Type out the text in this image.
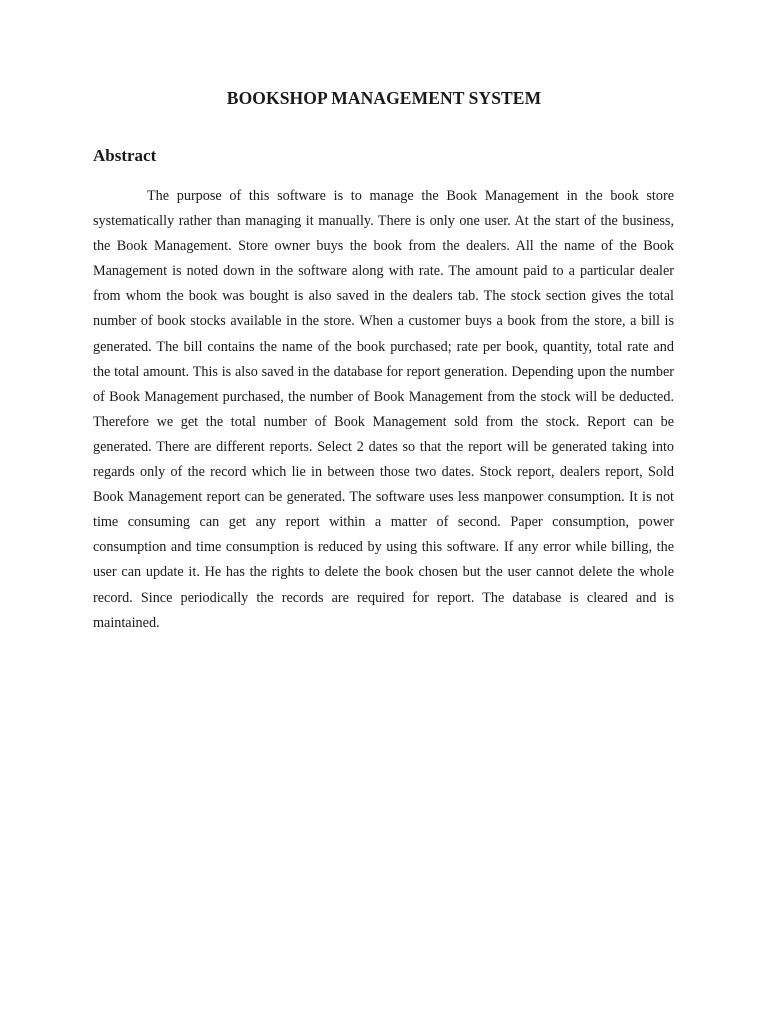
BOOKSHOP MANAGEMENT SYSTEM
Abstract

The purpose of this software is to manage the Book Management in the book store systematically rather than managing it manually. There is only one user. At the start of the business, the Book Management. Store owner buys the book from the dealers. All the name of the Book Management is noted down in the software along with rate. The amount paid to a particular dealer from whom the book was bought is also saved in the dealers tab. The stock section gives the total number of book stocks available in the store. When a customer buys a book from the store, a bill is generated. The bill contains the name of the book purchased; rate per book, quantity, total rate and the total amount. This is also saved in the database for report generation. Depending upon the number of Book Management purchased, the number of Book Management from the stock will be deducted. Therefore we get the total number of Book Management sold from the stock. Report can be generated. There are different reports. Select 2 dates so that the report will be generated taking into regards only of the record which lie in between those two dates. Stock report, dealers report, Sold Book Management report can be generated. The software uses less manpower consumption. It is not time consuming can get any report within a matter of second. Paper consumption, power consumption and time consumption is reduced by using this software. If any error while billing, the user can update it. He has the rights to delete the book chosen but the user cannot delete the whole record. Since periodically the records are required for report. The database is cleared and is maintained.
